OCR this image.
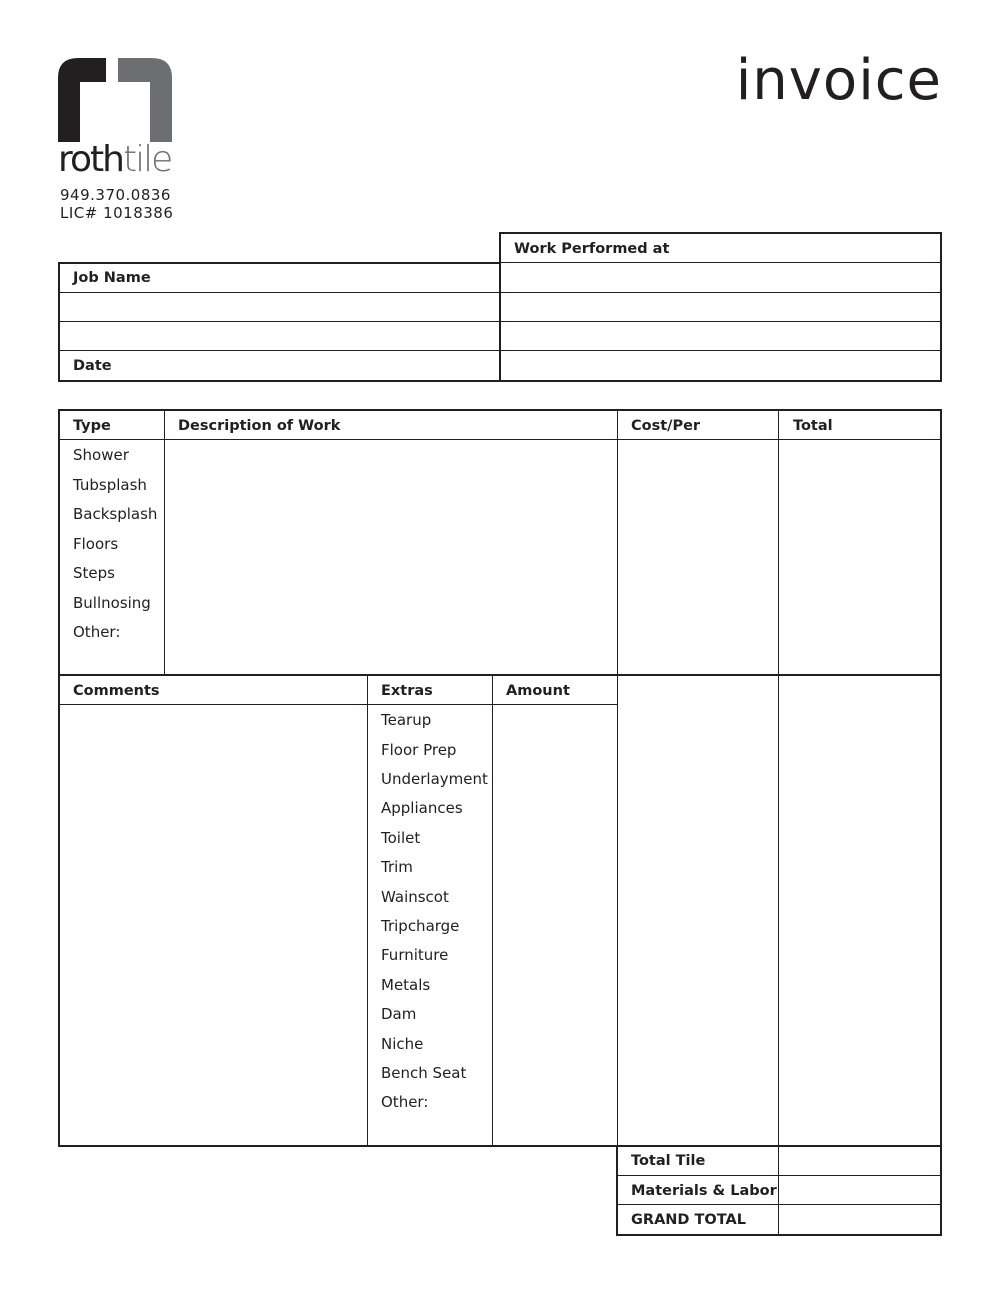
rothtile
949.370.0836
LIC# 1018386
invoice
Work Performed at
Job Name
Date
Type	Description of Work	Cost/Per	Total
Shower
Tubsplash
Backsplash
Floors
Steps
Bullnosing
Other:
Comments	Extras	Amount
Tearup
Floor Prep
Underlayment
Appliances
Toilet
Trim
Wainscot
Tripcharge
Furniture
Metals
Dam
Niche
Bench Seat
Other:
Total Tile
Materials & Labor
GRAND TOTAL
